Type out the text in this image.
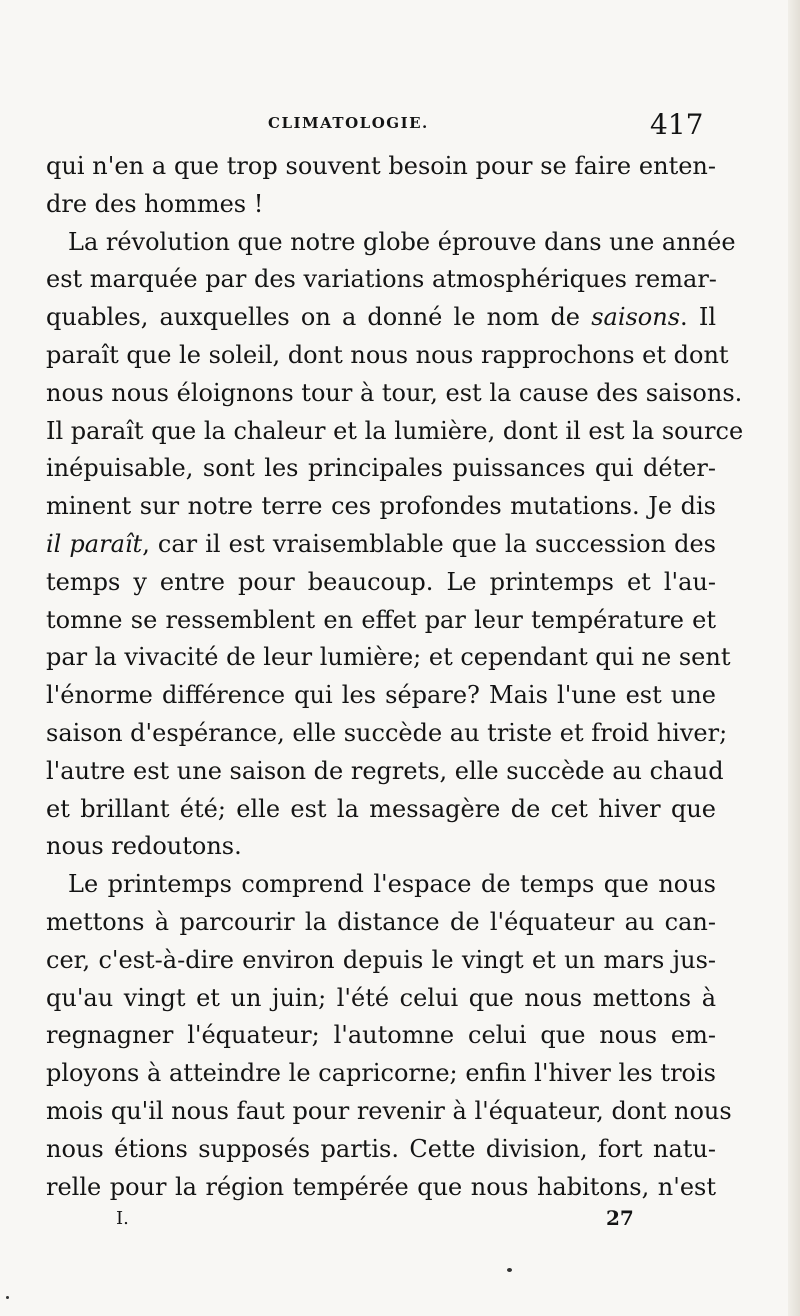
CLIMATOLOGIE.	417
qui n'en a que trop souvent besoin pour se faire enten-
dre des hommes !
La révolution que notre globe éprouve dans une année
est marquée par des variations atmosphériques remar-
quables, auxquelles on a donné le nom de saisons. Il
paraît que le soleil, dont nous nous rapprochons et dont
nous nous éloignons tour à tour, est la cause des saisons.
Il paraît que la chaleur et la lumière, dont il est la source
inépuisable, sont les principales puissances qui déter-
minent sur notre terre ces profondes mutations. Je dis
il paraît, car il est vraisemblable que la succession des
temps y entre pour beaucoup. Le printemps et l'au-
tomne se ressemblent en effet par leur température et
par la vivacité de leur lumière; et cependant qui ne sent
l'énorme différence qui les sépare? Mais l'une est une
saison d'espérance, elle succède au triste et froid hiver;
l'autre est une saison de regrets, elle succède au chaud
et brillant été; elle est la messagère de cet hiver que
nous redoutons.
Le printemps comprend l'espace de temps que nous
mettons à parcourir la distance de l'équateur au can-
cer, c'est-à-dire environ depuis le vingt et un mars jus-
qu'au vingt et un juin; l'été celui que nous mettons à
regnagner l'équateur; l'automne celui que nous em-
ployons à atteindre le capricorne; enfin l'hiver les trois
mois qu'il nous faut pour revenir à l'équateur, dont nous
nous étions supposés partis. Cette division, fort natu-
relle pour la région tempérée que nous habitons, n'est
I.	27
